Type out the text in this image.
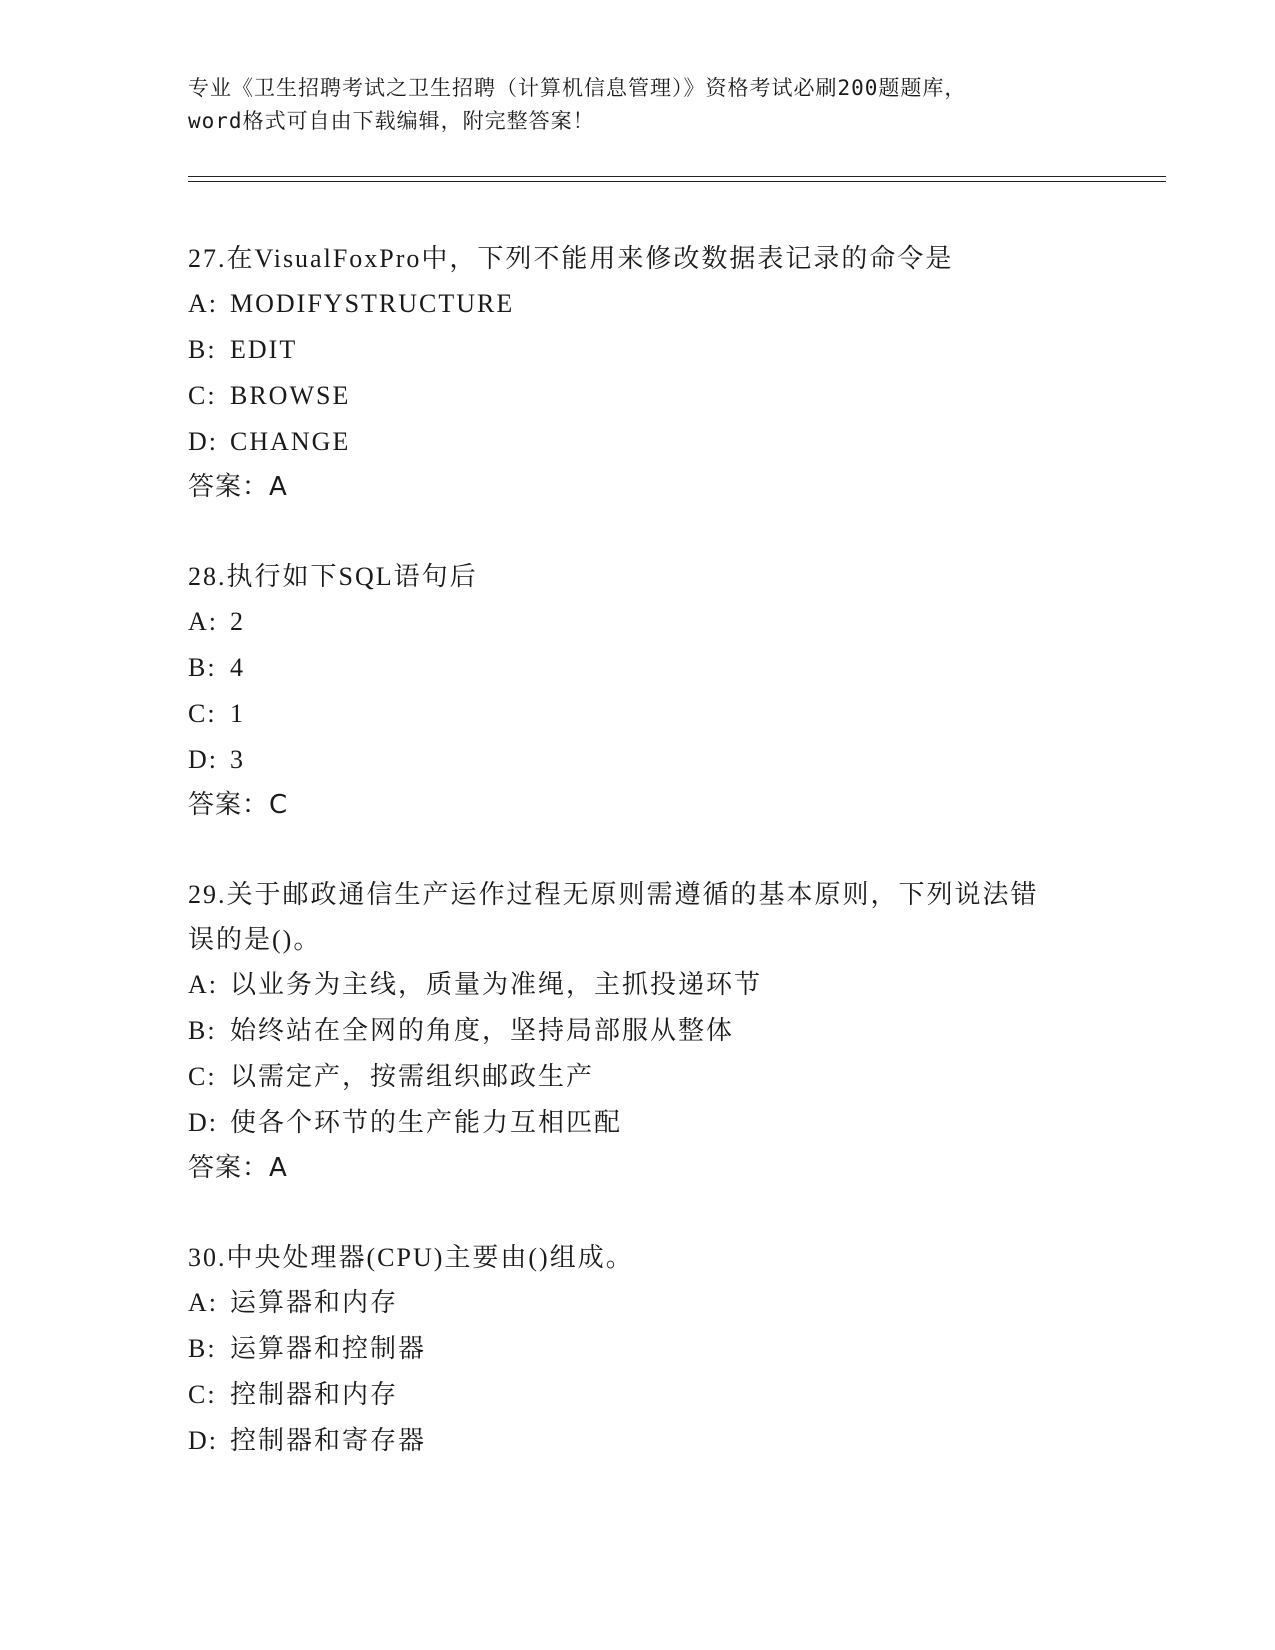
专业《卫生招聘考试之卫生招聘（计算机信息管理）》资格考试必刷200题题库，
word格式可自由下载编辑，附完整答案！
27.在VisualFoxPro中，下列不能用来修改数据表记录的命令是
A: MODIFYSTRUCTURE
B: EDIT
C: BROWSE
D: CHANGE
答案：A
28.执行如下SQL语句后
A: 2
B: 4
C: 1
D: 3
答案：C
29.关于邮政通信生产运作过程无原则需遵循的基本原则，下列说法错
误的是()。
A: 以业务为主线，质量为准绳，主抓投递环节
B: 始终站在全网的角度，坚持局部服从整体
C: 以需定产，按需组织邮政生产
D: 使各个环节的生产能力互相匹配
答案：A
30.中央处理器(CPU)主要由()组成。
A: 运算器和内存
B: 运算器和控制器
C: 控制器和内存
D: 控制器和寄存器
